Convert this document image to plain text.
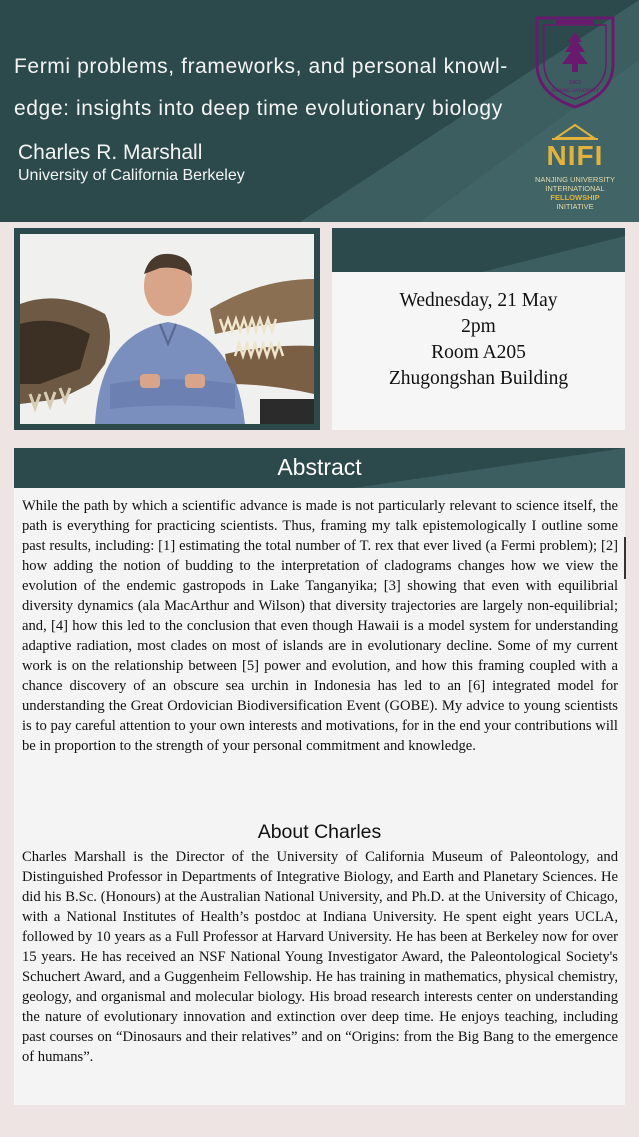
Fermi problems, frameworks, and personal knowl-
edge: insights into deep time evolutionary biology
Charles R. Marshall
University of California Berkeley
1902
NANJING UNIVERSITY
NIFI
NANJING UNIVERSITY
INTERNATIONAL
FELLOWSHIP
INITIATIVE
Wednesday, 21 May
2pm
Room A205
Zhugongshan Building
Abstract
While the path by which a scientific advance is made is not particularly relevant to science itself, the path is everything for practicing scientists. Thus, framing my talk epistemologically I outline some past results, including: [1] estimating the total number of T. rex that ever lived (a Fermi problem); [2] how adding the notion of budding to the interpretation of cladograms changes how we view the evolution of the endemic gastropods in Lake Tanganyika; [3] showing that even with equilibrial diversity dynamics (ala MacArthur and Wilson) that diversity trajectories are largely non-equilibrial; and, [4] how this led to the conclusion that even though Hawaii is a model system for understanding adaptive radiation, most clades on most of islands are in evolutionary decline. Some of my current work is on the relationship between [5] power and evolution, and how this framing coupled with a chance discovery of an obscure sea urchin in Indonesia has led to an [6] integrated model for understanding the Great Ordovician Biodiversification Event (GOBE). My advice to young scientists is to pay careful attention to your own interests and motivations, for in the end your contributions will be in proportion to the strength of your personal commitment and knowledge.
About Charles
Charles Marshall is the Director of the University of California Museum of Paleontology, and Distinguished Professor in Departments of Integrative Biology, and Earth and Planetary Sciences. He did his B.Sc. (Honours) at the Australian National University, and Ph.D. at the University of Chicago, with a National Institutes of Health’s postdoc at Indiana University. He spent eight years UCLA, followed by 10 years as a Full Professor at Harvard University. He has been at Berkeley now for over 15 years. He has received an NSF National Young Investigator Award, the Paleontological Society's Schuchert Award, and a Guggenheim Fellowship. He has training in mathematics, physical chemistry, geology, and organismal and molecular biology. His broad research interests center on understanding the nature of evolutionary innovation and extinction over deep time. He enjoys teaching, including past courses on “Dinosaurs and their relatives” and on “Origins: from the Big Bang to the emergence of humans”.
